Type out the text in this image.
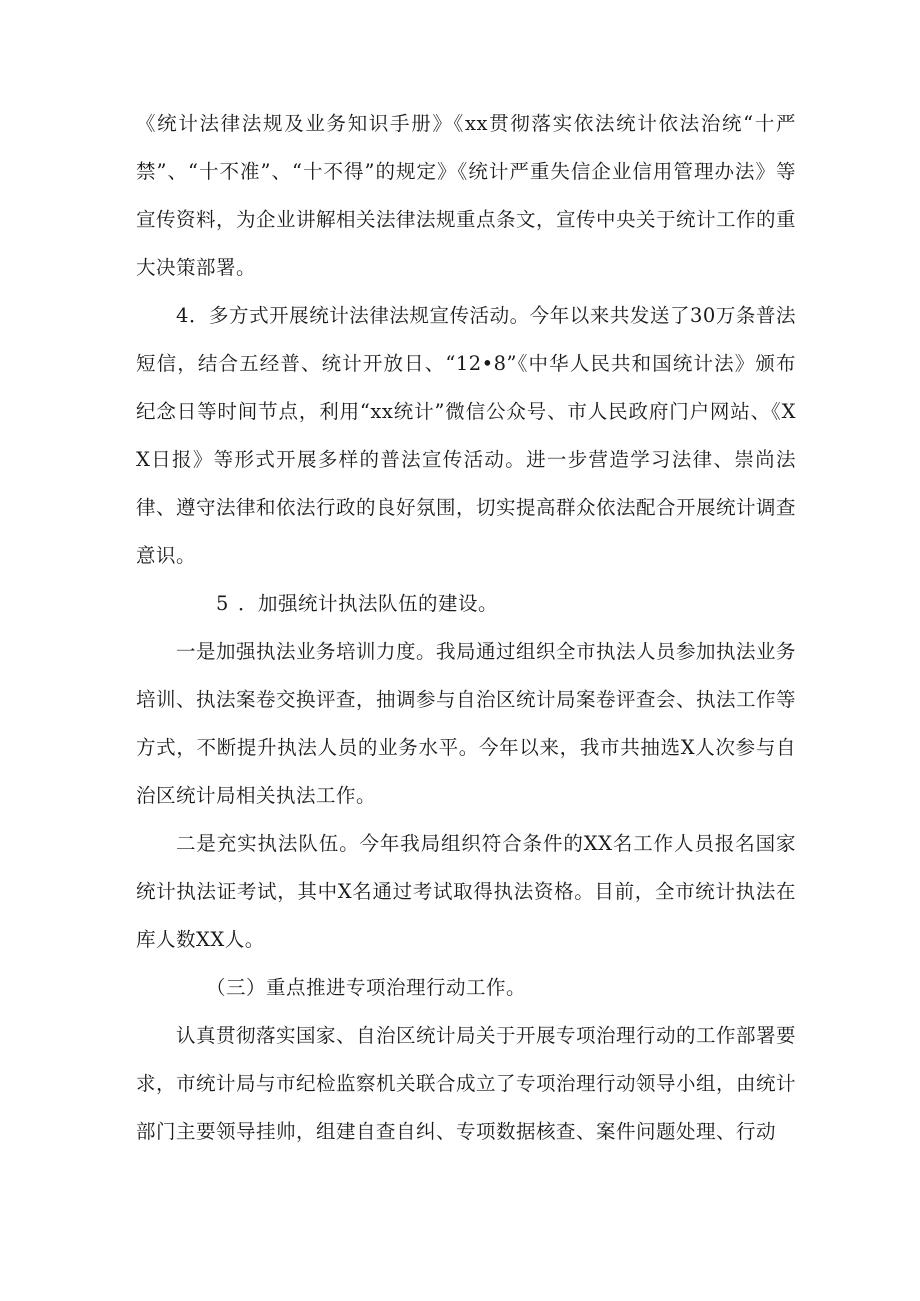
《统计法律法规及业务知识手册》《xx贯彻落实依法统计依法治统“十严禁”、“十不准”、“十不得”的规定》《统计严重失信企业信用管理办法》等宣传资料，为企业讲解相关法律法规重点条文，宣传中央关于统计工作的重大决策部署。

4．多方式开展统计法律法规宣传活动。今年以来共发送了30万条普法短信，结合五经普、统计开放日、“12•8”《中华人民共和国统计法》颁布纪念日等时间节点，利用“xx统计”微信公众号、市人民政府门户网站、《XX日报》等形式开展多样的普法宣传活动。进一步营造学习法律、崇尚法律、遵守法律和依法行政的良好氛围，切实提高群众依法配合开展统计调查意识。

5 ．加强统计执法队伍的建设。

一是加强执法业务培训力度。我局通过组织全市执法人员参加执法业务培训、执法案卷交换评查，抽调参与自治区统计局案卷评查会、执法工作等方式，不断提升执法人员的业务水平。今年以来，我市共抽选X人次参与自治区统计局相关执法工作。

二是充实执法队伍。今年我局组织符合条件的XX名工作人员报名国家统计执法证考试，其中X名通过考试取得执法资格。目前，全市统计执法在库人数XX人。

（三）重点推进专项治理行动工作。

认真贯彻落实国家、自治区统计局关于开展专项治理行动的工作部署要求，市统计局与市纪检监察机关联合成立了专项治理行动领导小组，由统计部门主要领导挂帅，组建自查自纠、专项数据核查、案件问题处理、行动
